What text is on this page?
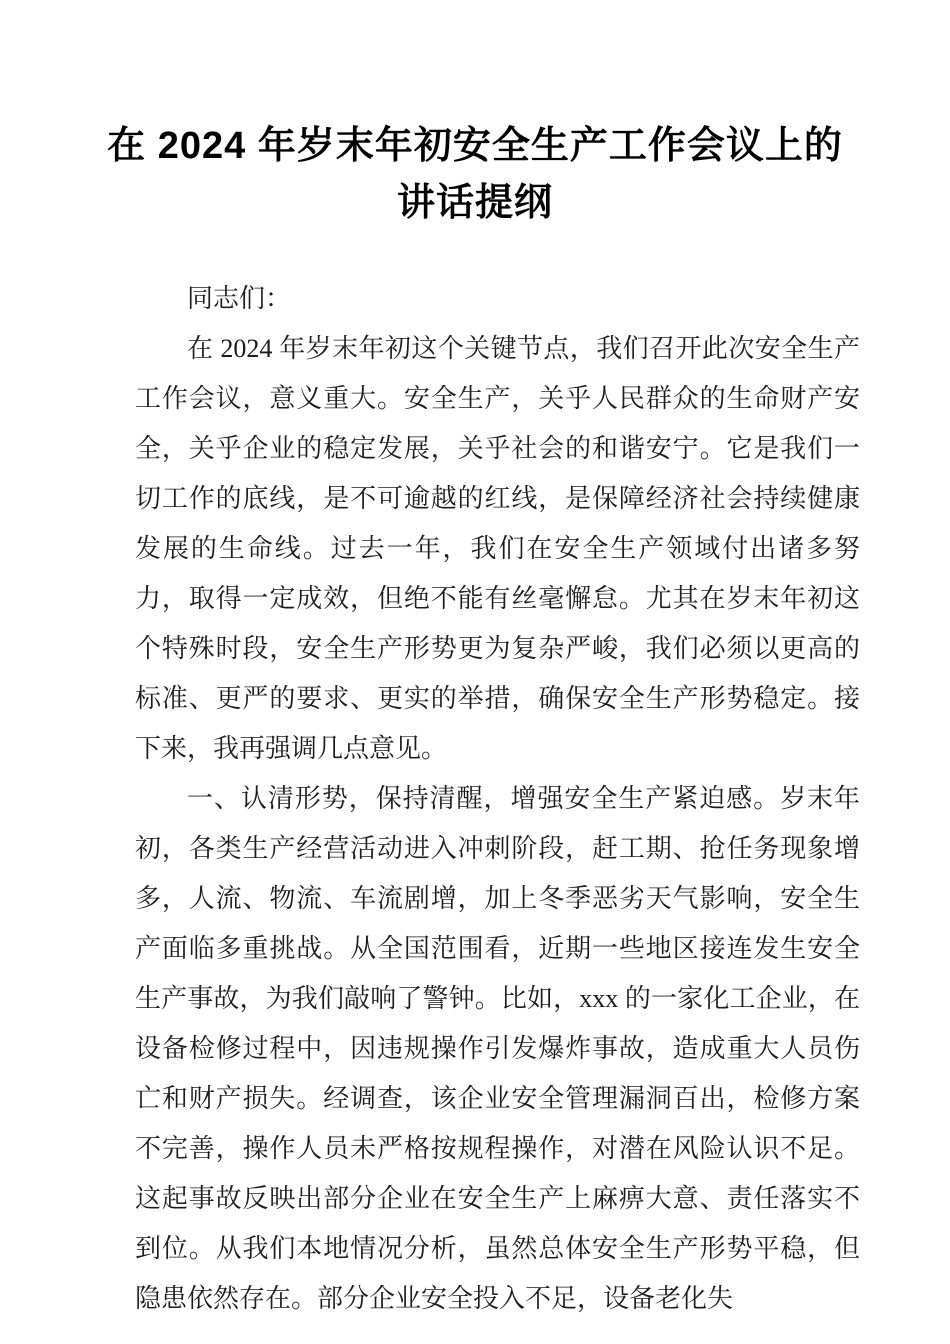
在 2024 年岁末年初安全生产工作会议上的
讲话提纲

同志们：

在 2024 年岁末年初这个关键节点，我们召开此次安全生产工作会议，意义重大。安全生产，关乎人民群众的生命财产安全，关乎企业的稳定发展，关乎社会的和谐安宁。它是我们一切工作的底线，是不可逾越的红线，是保障经济社会持续健康发展的生命线。过去一年，我们在安全生产领域付出诸多努力，取得一定成效，但绝不能有丝毫懈怠。尤其在岁末年初这个特殊时段，安全生产形势更为复杂严峻，我们必须以更高的标准、更严的要求、更实的举措，确保安全生产形势稳定。接下来，我再强调几点意见。

一、认清形势，保持清醒，增强安全生产紧迫感。岁末年初，各类生产经营活动进入冲刺阶段，赶工期、抢任务现象增多，人流、物流、车流剧增，加上冬季恶劣天气影响，安全生产面临多重挑战。从全国范围看，近期一些地区接连发生安全生产事故，为我们敲响了警钟。比如，xxx 的一家化工企业，在设备检修过程中，因违规操作引发爆炸事故，造成重大人员伤亡和财产损失。经调查，该企业安全管理漏洞百出，检修方案不完善，操作人员未严格按规程操作，对潜在风险认识不足。这起事故反映出部分企业在安全生产上麻痹大意、责任落实不到位。从我们本地情况分析，虽然总体安全生产形势平稳，但隐患依然存在。部分企业安全投入不足，设备老化失
